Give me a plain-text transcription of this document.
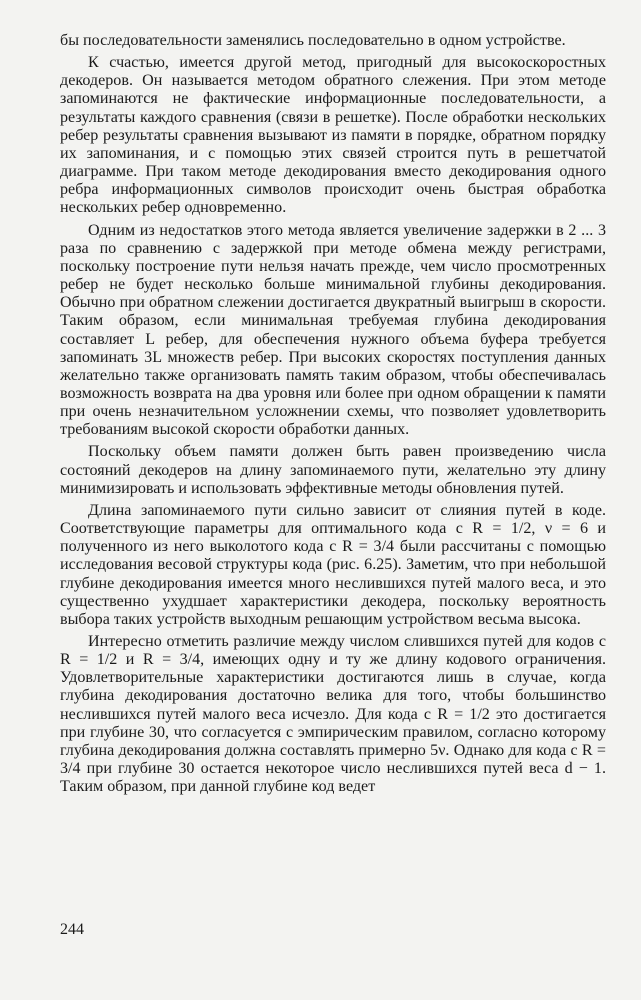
бы последовательности заменялись последовательно в одном устройстве.

К счастью, имеется другой метод, пригодный для высокоскоростных декодеров. Он называется методом обратного слежения. При этом методе запоминаются не фактические информационные последовательности, а результаты каждого сравнения (связи в решетке). После обработки нескольких ребер результаты сравнения вызывают из памяти в порядке, обратном порядку их запоминания, и с помощью этих связей строится путь в решетчатой диаграмме. При таком методе декодирования вместо декодирования одного ребра информационных символов происходит очень быстрая обработка нескольких ребер одновременно.

Одним из недостатков этого метода является увеличение задержки в 2 ... 3 раза по сравнению с задержкой при методе обмена между регистрами, поскольку построение пути нельзя начать прежде, чем число просмотренных ребер не будет несколько больше минимальной глубины декодирования. Обычно при обратном слежении достигается двукратный выигрыш в скорости. Таким образом, если минимальная требуемая глубина декодирования составляет L ребер, для обеспечения нужного объема буфера требуется запоминать 3L множеств ребер. При высоких скоростях поступления данных желательно также организовать память таким образом, чтобы обеспечивалась возможность возврата на два уровня или более при одном обращении к памяти при очень незначительном усложнении схемы, что позволяет удовлетворить требованиям высокой скорости обработки данных.

Поскольку объем памяти должен быть равен произведению числа состояний декодеров на длину запоминаемого пути, желательно эту длину минимизировать и использовать эффективные методы обновления путей.

Длина запоминаемого пути сильно зависит от слияния путей в коде. Соответствующие параметры для оптимального кода с R = 1/2, ν = 6 и полученного из него выколотого кода с R = 3/4 были рассчитаны с помощью исследования весовой структуры кода (рис. 6.25). Заметим, что при небольшой глубине декодирования имеется много неслившихся путей малого веса, и это существенно ухудшает характеристики декодера, поскольку вероятность выбора таких устройств выходным решающим устройством весьма высока.

Интересно отметить различие между числом слившихся путей для кодов с R = 1/2 и R = 3/4, имеющих одну и ту же длину кодового ограничения. Удовлетворительные характеристики достигаются лишь в случае, когда глубина декодирования достаточно велика для того, чтобы большинство неслившихся путей малого веса исчезло. Для кода с R = 1/2 это достигается при глубине 30, что согласуется с эмпирическим правилом, согласно которому глубина декодирования должна составлять примерно 5ν. Однако для кода с R = 3/4 при глубине 30 остается некоторое число неслившихся путей веса d − 1. Таким образом, при данной глубине код ведет

244
